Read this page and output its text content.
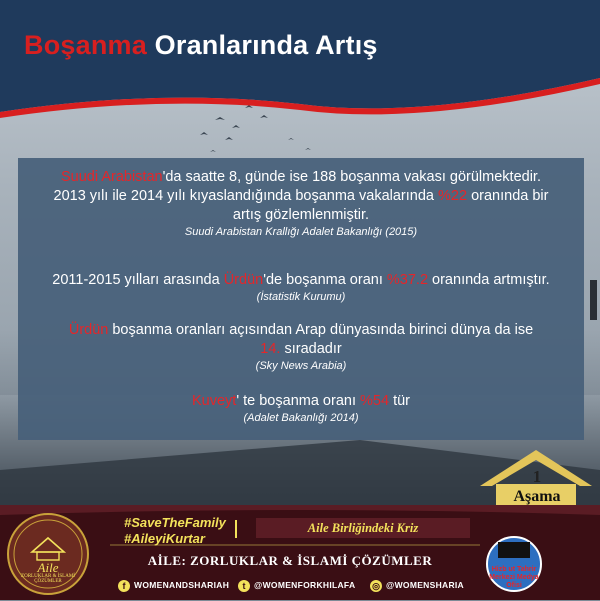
Boşanma Oranlarında Artış
Suudi Arabistan'da saatte 8, günde ise 188 boşanma vakası görülmektedir.
2013 yılı ile 2014 yılı kıyaslandığında boşanma vakalarında %22 oranında bir
artış gözlemlenmiştir.
Suudi Arabistan Krallığı Adalet Bakanlığı (2015)
2011-2015 yılları arasında Ürdün'de boşanma oranı %37.2 oranında artmıştır.
(İstatistik Kurumu)
Ürdün boşanma oranları açısından Arap dünyasında birinci dünya da ise
14. sıradadır
(Sky News Arabia)
Kuveyt' te boşanma oranı %54 tür
(Adalet Bakanlığı 2014)
1
Aşama
Aile
ZORLUKLAR & İSLAMİ ÇÖZÜMLER
#SaveTheFamily
#AileyiKurtar
Aile Birliğindeki Kriz
AİLE: ZORLUKLAR & İSLAMİ ÇÖZÜMLER
f	WOMENANDSHARIAH	t	@WOMENFORKHILAFA ◎ @WOMENSHARIA
Hizb ut Tahrir
Merkezi Medya Ofisi
